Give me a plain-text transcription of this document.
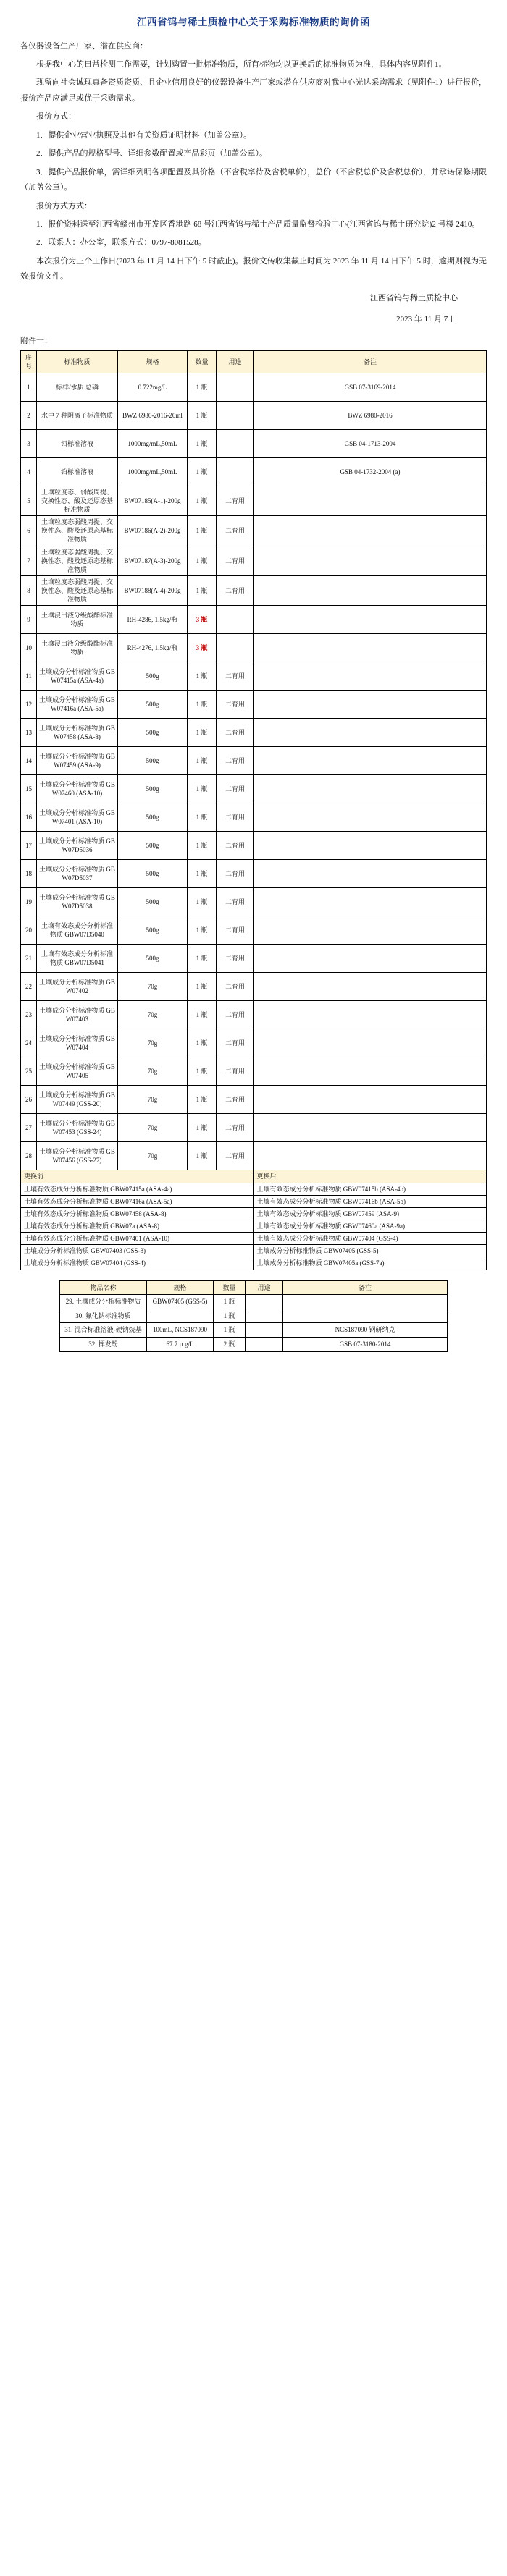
江西省钨与稀土质检中心关于采购标准物质的询价函

各仪器设备生产厂家、潜在供应商：

根据我中心的日常检测工作需要，计划购置一批标准物质，所有标物均以更换后的标准物质为准，具体内容见附件1。

现留向社会诚现真备资质资质、且企业信用良好的仪器设备生产厂家或潜在供应商对我中心光达采购需求（见附件1）进行报价，报价产品应满足或优于采购需求。

报价方式：

1．提供企业营业执照及其他有关资质证明材料（加盖公章）。

2．提供产品的规格型号、详细参数配置或产品彩页（加盖公章）。

3．提供产品报价单，需详细列明各项配置及其价格（不含税率待及含税单价），总价（不含税总价及含税总价），并承诺保修期限（加盖公章）。

报价方式方式：

1．报价资料送至江西省赣州市开发区香港路 68 号江西省钨与稀土产品质量监督检验中心(江西省钨与稀土研究院)2 号楼 2410。

2．联系人：办公室，联系方式：0797-8081528。

本次报价为三个工作日(2023 年 11 月 14 日下午 5 时截止)。报价文传收集截止时间为 2023 年 11 月 14 日下午 5 时，逾期则视为无效报价文件。

江西省钨与稀土质检中心
2023 年 11 月 7 日
附件一：
序号	标准物质	规格	数量	用途	备注
1	标样/水质 总磷	0.722mg/L	1 瓶		GSB 07-3169-2014
2	水中 7 种阴离子标准物质	BWZ 6980-2016-20ml	1 瓶		BWZ 6980-2016
3	铅标准溶液	1000mg/mL,50mL	1 瓶		GSB 04-1713-2004
4	铂标准溶液	1000mg/mL,50mL	1 瓶		GSB 04-1732-2004 (a)
5	土壤粒度态、弱酸周提、交换性态、酸及还原态基标准物质	BW07185(A-1)-200g	1 瓶	二育用	
6	土壤粒度态弱酸周提、交换性态、酸及还原态基标准物质	BW07186(A-2)-200g	1 瓶	二育用	
7	土壤粒度态弱酸周提、交换性态、酸及还原态基标准物质	BW07187(A-3)-200g	1 瓶	二育用	
8	土壤粒度态弱酸周提、交换性态、酸及还原态基标准物质	BW07188(A-4)-200g	1 瓶	二育用	
9	土壤浸出液分级酸酯标准物质	RH-4286, 1.5kg/瓶	3 瓶		
10	土壤浸出液分级酸酯标准物质	RH-4276, 1.5kg/瓶	3 瓶		
11	土壤成分分析标准物质 GBW07415a (ASA-4a)	500g	1 瓶	二育用	
12	土壤成分分析标准物质 GBW07416a (ASA-5a)	500g	1 瓶	二育用	
13	土壤成分分析标准物质 GBW07458 (ASA-8)	500g	1 瓶	二育用	
14	土壤成分分析标准物质 GBW07459 (ASA-9)	500g	1 瓶	二育用	
15	土壤成分分析标准物质 GBW07460 (ASA-10)	500g	1 瓶	二育用	
16	土壤成分分析标准物质 GBW07401 (ASA-10)	500g	1 瓶	二育用	
17	土壤成分分析标准物质 GBW07D5036	500g	1 瓶	二育用	
18	土壤成分分析标准物质 GBW07D5037	500g	1 瓶	二育用	
19	土壤成分分析标准物质 GBW07D5038	500g	1 瓶	二育用	
20	土壤有效态成分分析标准物质 GBW07D5040	500g	1 瓶	二育用	
21	土壤有效态成分分析标准物质 GBW07D5041	500g	1 瓶	二育用	
22	土壤成分分析标准物质 GBW07402	70g	1 瓶	二育用	
23	土壤成分分析标准物质 GBW07403	70g	1 瓶	二育用	
24	土壤成分分析标准物质 GBW07404	70g	1 瓶	二育用	
25	土壤成分分析标准物质 GBW07405	70g	1 瓶	二育用	
26	土壤成分分析标准物质 GBW07449 (GSS-20)	70g	1 瓶	二育用	
27	土壤成分分析标准物质 GBW07453 (GSS-24)	70g	1 瓶	二育用	
28	土壤成分分析标准物质 GBW07456 (GSS-27)	70g	1 瓶	二育用	
更换前	更换后
土壤有效态成分分析标准物质 GBW07415a (ASA-4a)	土壤有效态成分分析标准物质 GBW07415b (ASA-4b)
土壤有效态成分分析标准物质 GBW07416a (ASA-5a)	土壤有效态成分分析标准物质 GBW07416b (ASA-5b)
土壤有效态成分分析标准物质 GBW07458 (ASA-8)	土壤有效态成分分析标准物质 GBW07459 (ASA-9)
土壤有效态成分分析标准物质 GBW07a (ASA-8)	土壤有效态成分分析标准物质 GBW07460a (ASA-9a)
土壤有效态成分分析标准物质 GBW07401 (ASA-10)	土壤有效态成分分析标准物质 GBW07404 (GSS-4)
土壤成分分析标准物质 GBW07403 (GSS-3)	土壤成分分析标准物质 GBW07405 (GSS-5)
土壤成分分析标准物质 GBW07404 (GSS-4)	土壤成分分析标准物质 GBW07405a (GSS-7a)
物品名称	规格	数量	用途	备注
29. 土壤成分分析标准物质	GBW07405 (GSS-5)	1 瓶		
30. 氟化钠标准物质		1 瓶		
31. 混合标准溶液-硬钠烷基	100mL, NCS187090	1 瓶		NCS187090 钢研纳克
32. 挥发酚	67.7 µ g/L	2 瓶		GSB 07-3180-2014
